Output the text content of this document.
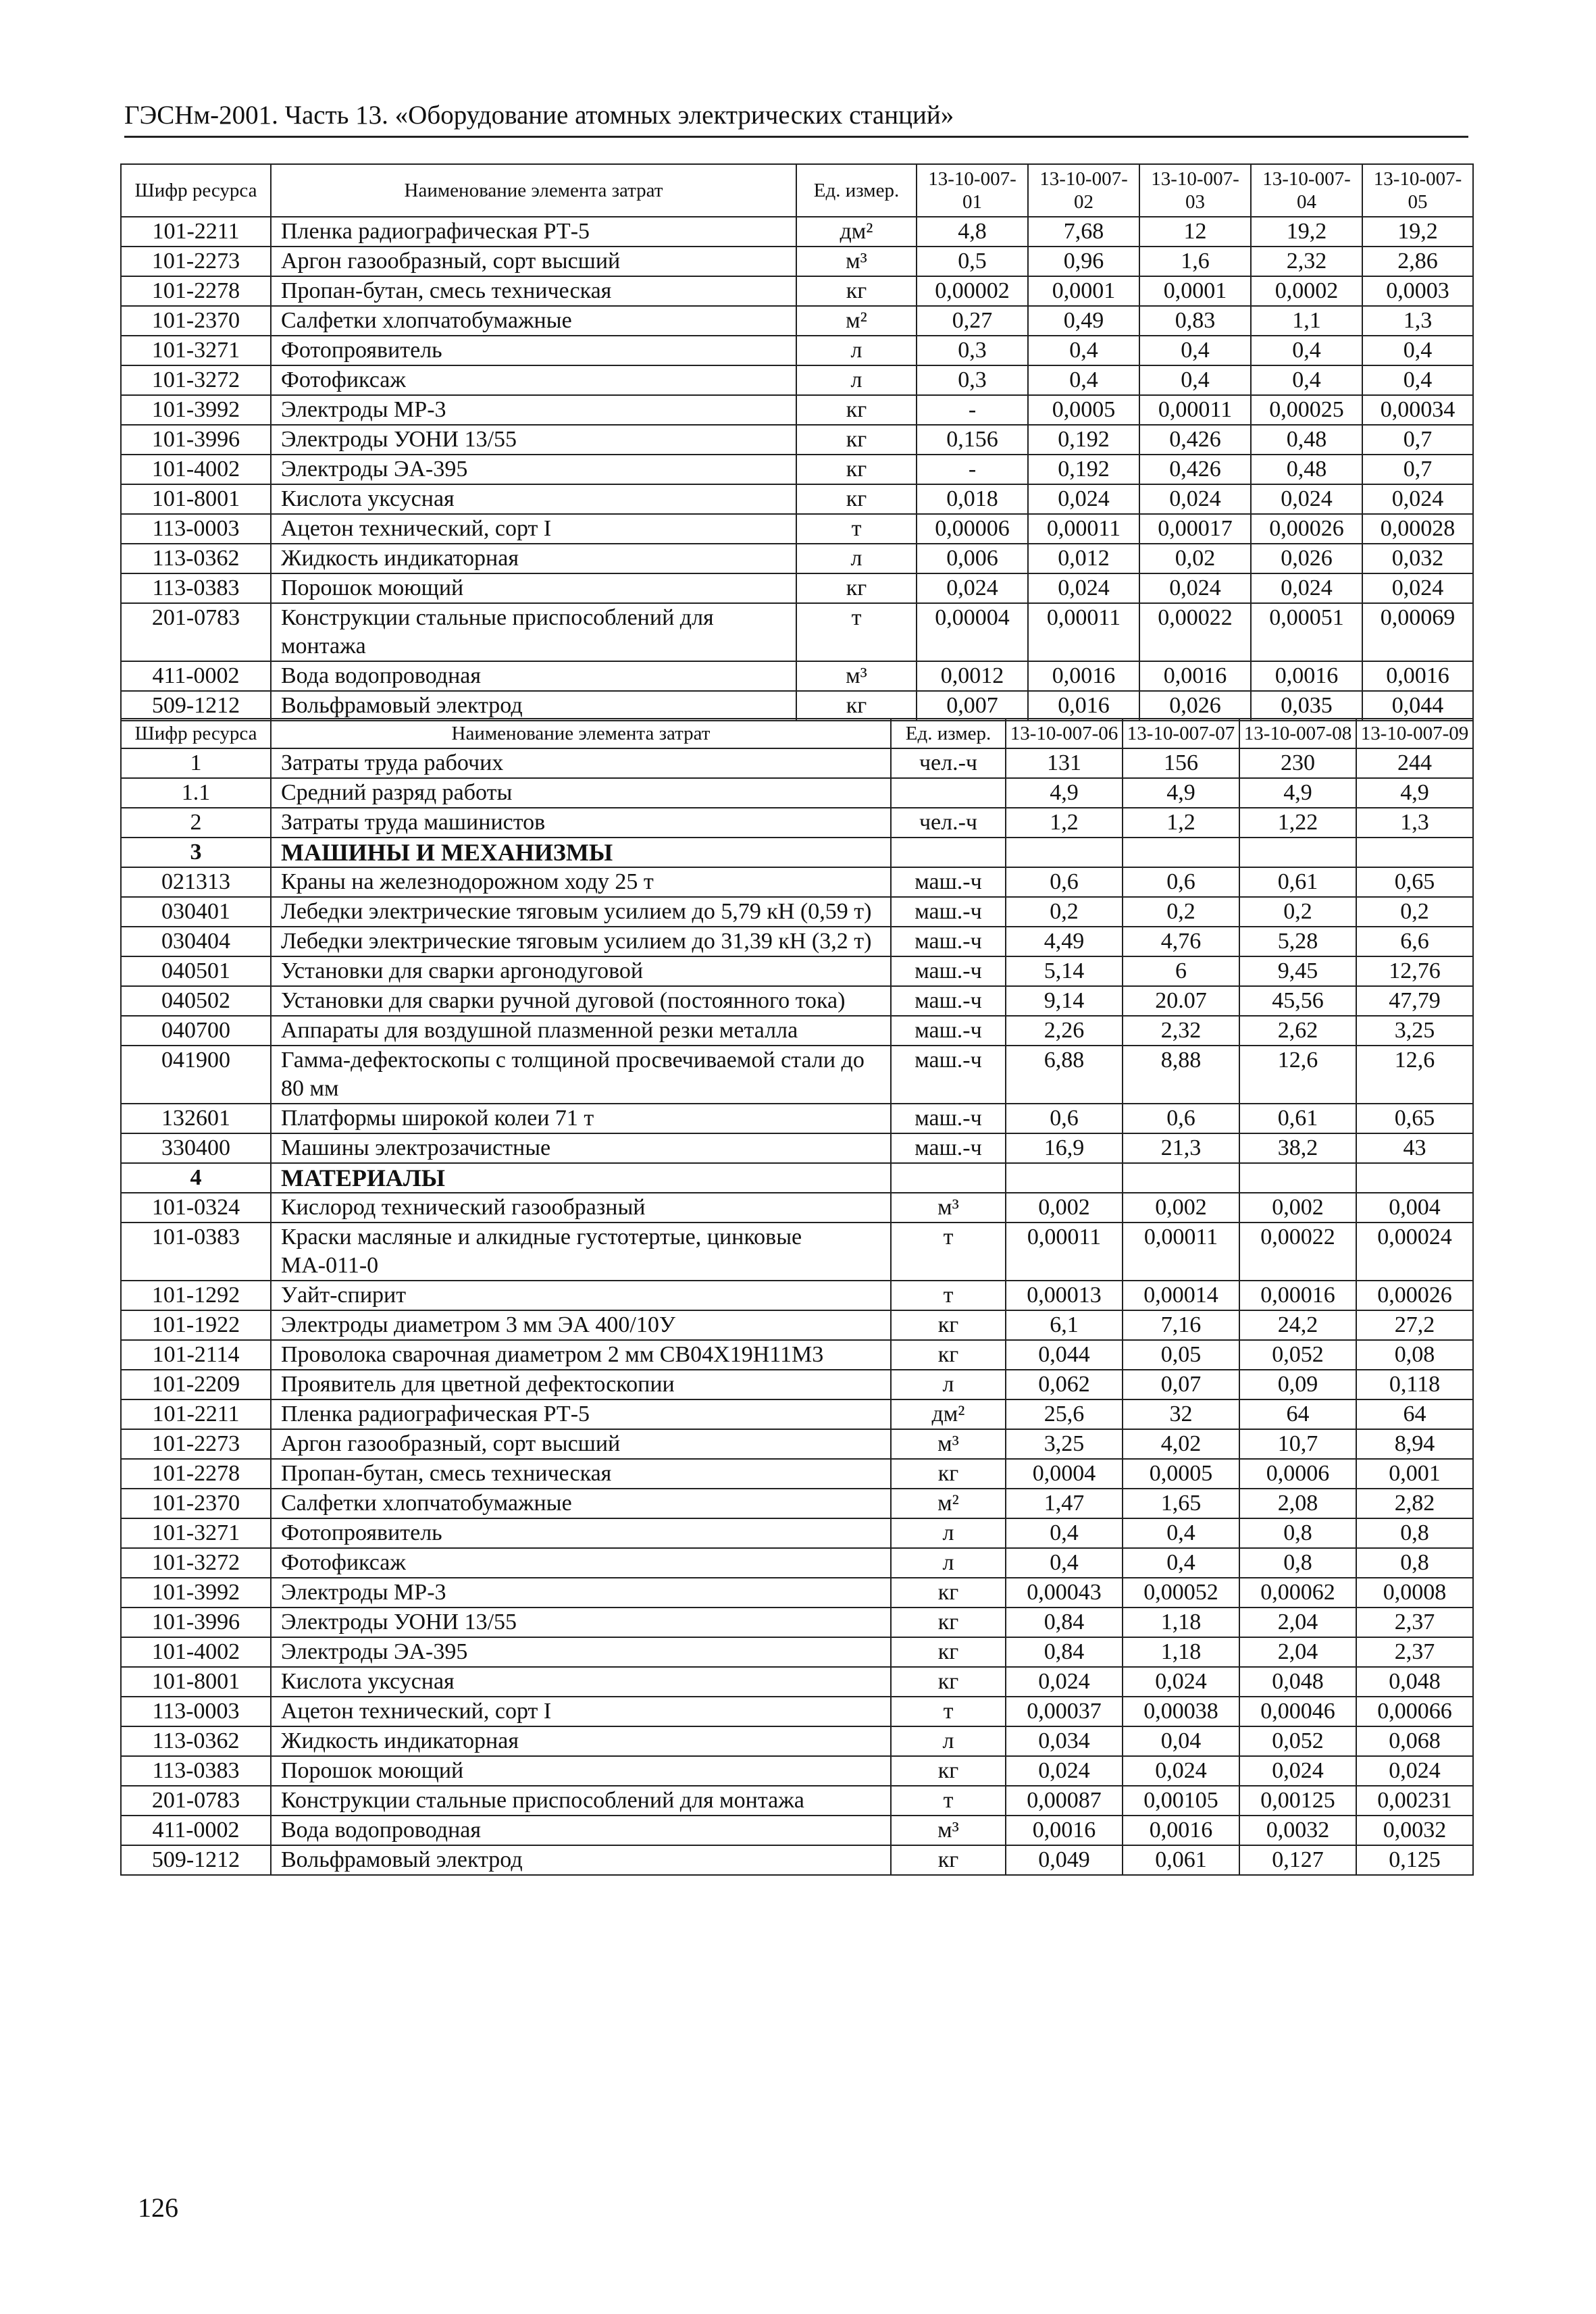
ГЭСНм-2001. Часть 13. «Оборудование атомных электрических станций»
Шифр ресурса	Наименование элемента затрат	Ед. измер.	13-10-007-01	13-10-007-02	13-10-007-03	13-10-007-04	13-10-007-05
101-2211	Пленка радиографическая РТ-5	дм²	4,8	7,68	12	19,2	19,2
101-2273	Аргон газообразный, сорт высший	м³	0,5	0,96	1,6	2,32	2,86
101-2278	Пропан-бутан, смесь техническая	кг	0,00002	0,0001	0,0001	0,0002	0,0003
101-2370	Салфетки хлопчатобумажные	м²	0,27	0,49	0,83	1,1	1,3
101-3271	Фотопроявитель	л	0,3	0,4	0,4	0,4	0,4
101-3272	Фотофиксаж	л	0,3	0,4	0,4	0,4	0,4
101-3992	Электроды МР-3	кг	-	0,0005	0,00011	0,00025	0,00034
101-3996	Электроды УОНИ 13/55	кг	0,156	0,192	0,426	0,48	0,7
101-4002	Электроды ЭА-395	кг	-	0,192	0,426	0,48	0,7
101-8001	Кислота уксусная	кг	0,018	0,024	0,024	0,024	0,024
113-0003	Ацетон технический, сорт I	т	0,00006	0,00011	0,00017	0,00026	0,00028
113-0362	Жидкость индикаторная	л	0,006	0,012	0,02	0,026	0,032
113-0383	Порошок моющий	кг	0,024	0,024	0,024	0,024	0,024
201-0783	Конструкции стальные приспособлений для монтажа	т	0,00004	0,00011	0,00022	0,00051	0,00069
411-0002	Вода водопроводная	м³	0,0012	0,0016	0,0016	0,0016	0,0016
509-1212	Вольфрамовый электрод	кг	0,007	0,016	0,026	0,035	0,044
Шифр ресурса	Наименование элемента затрат	Ед. измер.	13-10-007-06	13-10-007-07	13-10-007-08	13-10-007-09
1	Затраты труда рабочих	чел.-ч	131	156	230	244
1.1	Средний разряд работы		4,9	4,9	4,9	4,9
2	Затраты труда машинистов	чел.-ч	1,2	1,2	1,22	1,3
3	МАШИНЫ И МЕХАНИЗМЫ					
021313	Краны на железнодорожном ходу 25 т	маш.-ч	0,6	0,6	0,61	0,65
030401	Лебедки электрические тяговым усилием до 5,79 кН (0,59 т)	маш.-ч	0,2	0,2	0,2	0,2
030404	Лебедки электрические тяговым усилием до 31,39 кН (3,2 т)	маш.-ч	4,49	4,76	5,28	6,6
040501	Установки для сварки аргонодуговой	маш.-ч	5,14	6	9,45	12,76
040502	Установки для сварки ручной дуговой (постоянного тока)	маш.-ч	9,14	20.07	45,56	47,79
040700	Аппараты для воздушной плазменной резки металла	маш.-ч	2,26	2,32	2,62	3,25
041900	Гамма-дефектоскопы с толщиной просвечиваемой стали до 80 мм	маш.-ч	6,88	8,88	12,6	12,6
132601	Платформы широкой колеи 71 т	маш.-ч	0,6	0,6	0,61	0,65
330400	Машины электрозачистные	маш.-ч	16,9	21,3	38,2	43
4	МАТЕРИАЛЫ					
101-0324	Кислород технический газообразный	м³	0,002	0,002	0,002	0,004
101-0383	Краски масляные и алкидные густотертые, цинковые МА-011-0	т	0,00011	0,00011	0,00022	0,00024
101-1292	Уайт-спирит	т	0,00013	0,00014	0,00016	0,00026
101-1922	Электроды диаметром 3 мм ЭА 400/10У	кг	6,1	7,16	24,2	27,2
101-2114	Проволока сварочная диаметром 2 мм СВ04Х19Н11М3	кг	0,044	0,05	0,052	0,08
101-2209	Проявитель для цветной дефектоскопии	л	0,062	0,07	0,09	0,118
101-2211	Пленка радиографическая РТ-5	дм²	25,6	32	64	64
101-2273	Аргон газообразный, сорт высший	м³	3,25	4,02	10,7	8,94
101-2278	Пропан-бутан, смесь техническая	кг	0,0004	0,0005	0,0006	0,001
101-2370	Салфетки хлопчатобумажные	м²	1,47	1,65	2,08	2,82
101-3271	Фотопроявитель	л	0,4	0,4	0,8	0,8
101-3272	Фотофиксаж	л	0,4	0,4	0,8	0,8
101-3992	Электроды МР-3	кг	0,00043	0,00052	0,00062	0,0008
101-3996	Электроды УОНИ 13/55	кг	0,84	1,18	2,04	2,37
101-4002	Электроды ЭА-395	кг	0,84	1,18	2,04	2,37
101-8001	Кислота уксусная	кг	0,024	0,024	0,048	0,048
113-0003	Ацетон технический, сорт I	т	0,00037	0,00038	0,00046	0,00066
113-0362	Жидкость индикаторная	л	0,034	0,04	0,052	0,068
113-0383	Порошок моющий	кг	0,024	0,024	0,024	0,024
201-0783	Конструкции стальные приспособлений для монтажа	т	0,00087	0,00105	0,00125	0,00231
411-0002	Вода водопроводная	м³	0,0016	0,0016	0,0032	0,0032
509-1212	Вольфрамовый электрод	кг	0,049	0,061	0,127	0,125
126
